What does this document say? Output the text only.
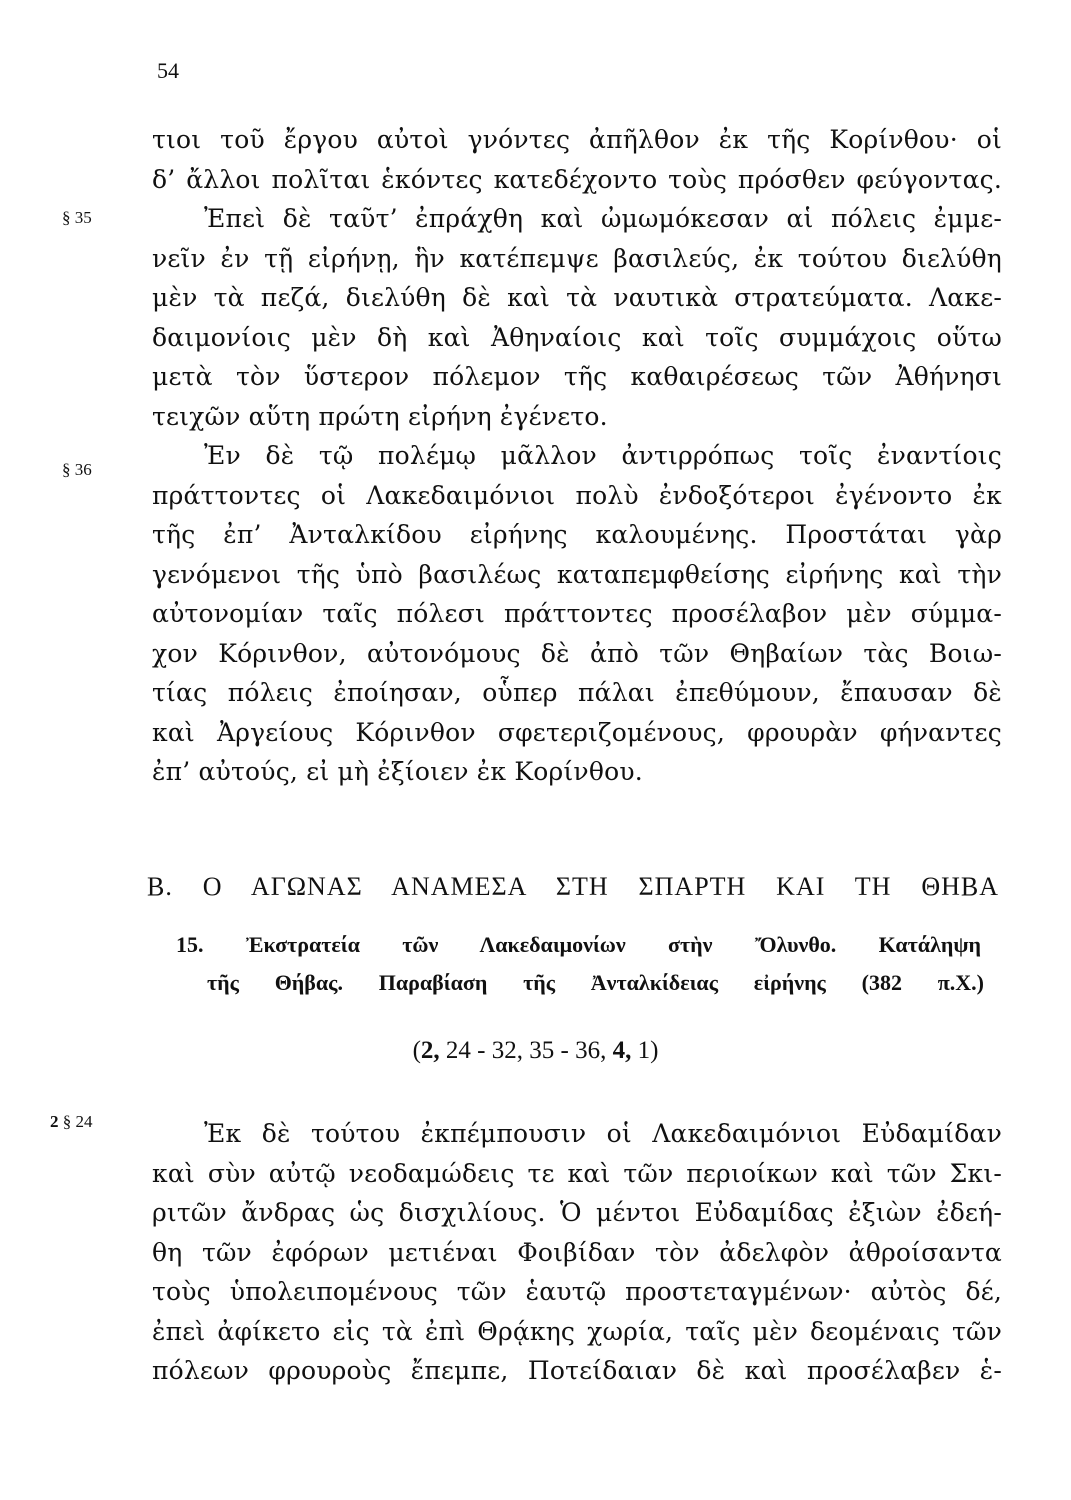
54
§ 35
§ 36
τιοι τοῦ ἔργου αὐτοὶ γνόντες ἀπῆλθον ἐκ τῆς Κορίνθου· οἱ
δ’ ἄλλοι πολῖται ἑκόντες κατεδέχοντο τοὺς πρόσθεν φεύγοντας.
Ἐπεὶ δὲ ταῦτ’ ἐπράχθη καὶ ὠμωμόκεσαν αἱ πόλεις ἐμμε-
νεῖν ἐν τῇ εἰρήνῃ, ἣν κατέπεμψε βασιλεύς, ἐκ τούτου διελύθη
μὲν τὰ πεζά, διελύθη δὲ καὶ τὰ ναυτικὰ στρατεύματα. Λακε-
δαιμονίοις μὲν δὴ καὶ Ἀθηναίοις καὶ τοῖς συμμάχοις οὕτω
μετὰ τὸν ὕστερον πόλεμον τῆς καθαιρέσεως τῶν Ἀθήνησι
τειχῶν αὕτη πρώτη εἰρήνη ἐγένετο.
Ἐν δὲ τῷ πολέμῳ μᾶλλον ἀντιρρόπως τοῖς ἐναντίοις
πράττοντες οἱ Λακεδαιμόνιοι πολὺ ἐνδοξότεροι ἐγένοντο ἐκ
τῆς ἐπ’ Ἀνταλκίδου εἰρήνης καλουμένης. Προστάται γὰρ
γενόμενοι τῆς ὑπὸ βασιλέως καταπεμφθείσης εἰρήνης καὶ τὴν
αὐτονομίαν ταῖς πόλεσι πράττοντες προσέλαβον μὲν σύμμα-
χον Κόρινθον, αὐτονόμους δὲ ἀπὸ τῶν Θηβαίων τὰς Βοιω-
τίας πόλεις ἐποίησαν, οὗπερ πάλαι ἐπεθύμουν, ἔπαυσαν δὲ
καὶ Ἀργείους Κόρινθον σφετεριζομένους, φρουρὰν φήναντες
ἐπ’ αὐτούς, εἰ μὴ ἐξίοιεν ἐκ Κορίνθου.
Β. Ο ΑΓΩΝΑΣ ΑΝΑΜΕΣΑ ΣΤΗ ΣΠΑΡΤΗ ΚΑΙ ΤΗ ΘΗΒΑ
15. Ἐκστρατεία τῶν Λακεδαιμονίων στὴν Ὄλυνθο. Κατάληψη
τῆς Θήβας. Παραβίαση τῆς Ἀνταλκίδειας εἰρήνης (382 π.Χ.)
(2, 24 - 32, 35 - 36, 4, 1)
2 § 24	Ἐκ δὲ τούτου ἐκπέμπουσιν οἱ Λακεδαιμόνιοι Εὐδαμίδαν
καὶ σὺν αὐτῷ νεοδαμώδεις τε καὶ τῶν περιοίκων καὶ τῶν Σκι-
ριτῶν ἄνδρας ὡς δισχιλίους. Ὁ μέντοι Εὐδαμίδας ἐξιὼν ἐδεή-
θη τῶν ἐφόρων μετιέναι Φοιβίδαν τὸν ἀδελφὸν ἀθροίσαντα
τοὺς ὑπολειπομένους τῶν ἑαυτῷ προστεταγμένων· αὐτὸς δέ,
ἐπεὶ ἀφίκετο εἰς τὰ ἐπὶ Θρᾴκης χωρία, ταῖς μὲν δεομέναις τῶν
πόλεων φρουροὺς ἔπεμπε, Ποτείδαιαν δὲ καὶ προσέλαβεν ἑ-
